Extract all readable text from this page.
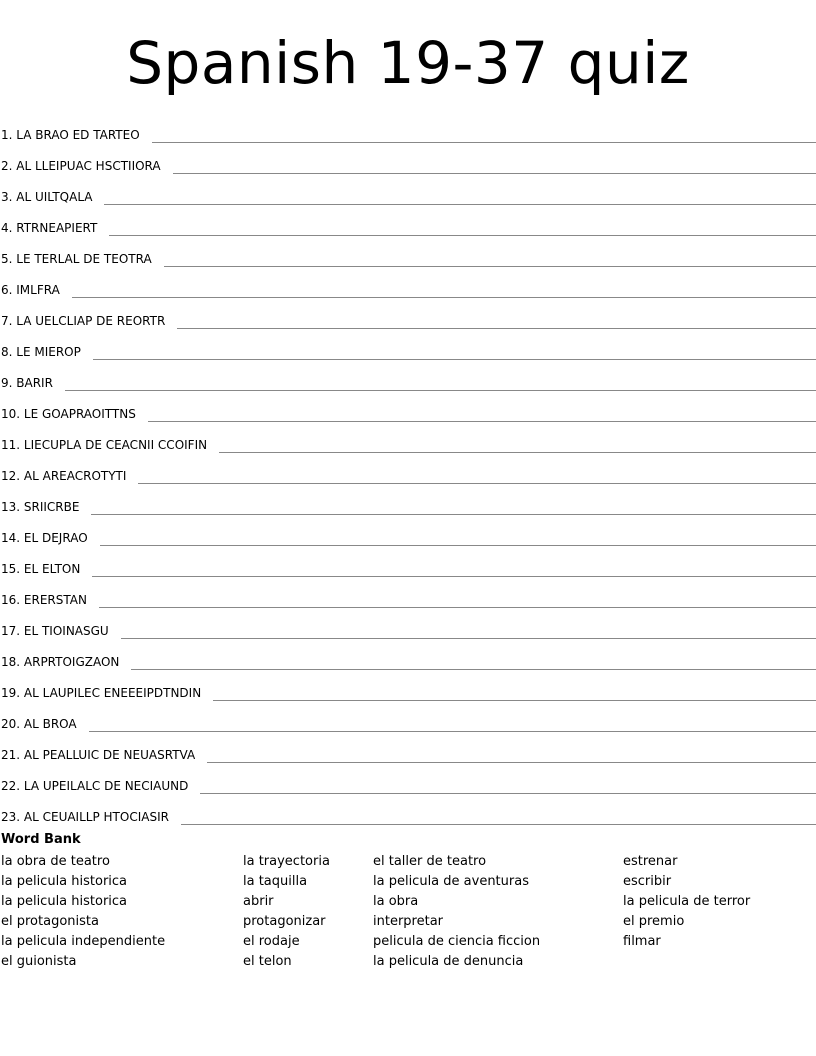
Spanish 19-37 quiz
1. LA BRAO ED TARTEO
2. AL LLEIPUAC HSCTIIORA
3. AL UILTQALA
4. RTRNEAPIERT
5. LE TERLAL DE TEOTRA
6. IMLFRA
7. LA UELCLIAP DE REORTR
8. LE MIEROP
9. BARIR
10. LE GOAPRAOITTNS
11. LIECUPLA DE CEACNII CCOIFIN
12. AL AREACROTYTI
13. SRIICRBE
14. EL DEJRAO
15. EL ELTON
16. ERERSTAN
17. EL TIOINASGU
18. ARPRTOIGZAON
19. AL LAUPILEC ENEEEIPDTNDIN
20. AL BROA
21. AL PEALLUIC DE NEUASRTVA
22. LA UPEILALC DE NECIAUND
23. AL CEUAILLP HTOCIASIR
Word Bank
la obra de teatro
la pelicula historica
la pelicula historica
el protagonista
la pelicula independiente
el guionista
la trayectoria
la taquilla
abrir
protagonizar
el rodaje
el telon
el taller de teatro
la pelicula de aventuras
la obra
interpretar
pelicula de ciencia ficcion
la pelicula de denuncia
estrenar
escribir
la pelicula de terror
el premio
filmar
